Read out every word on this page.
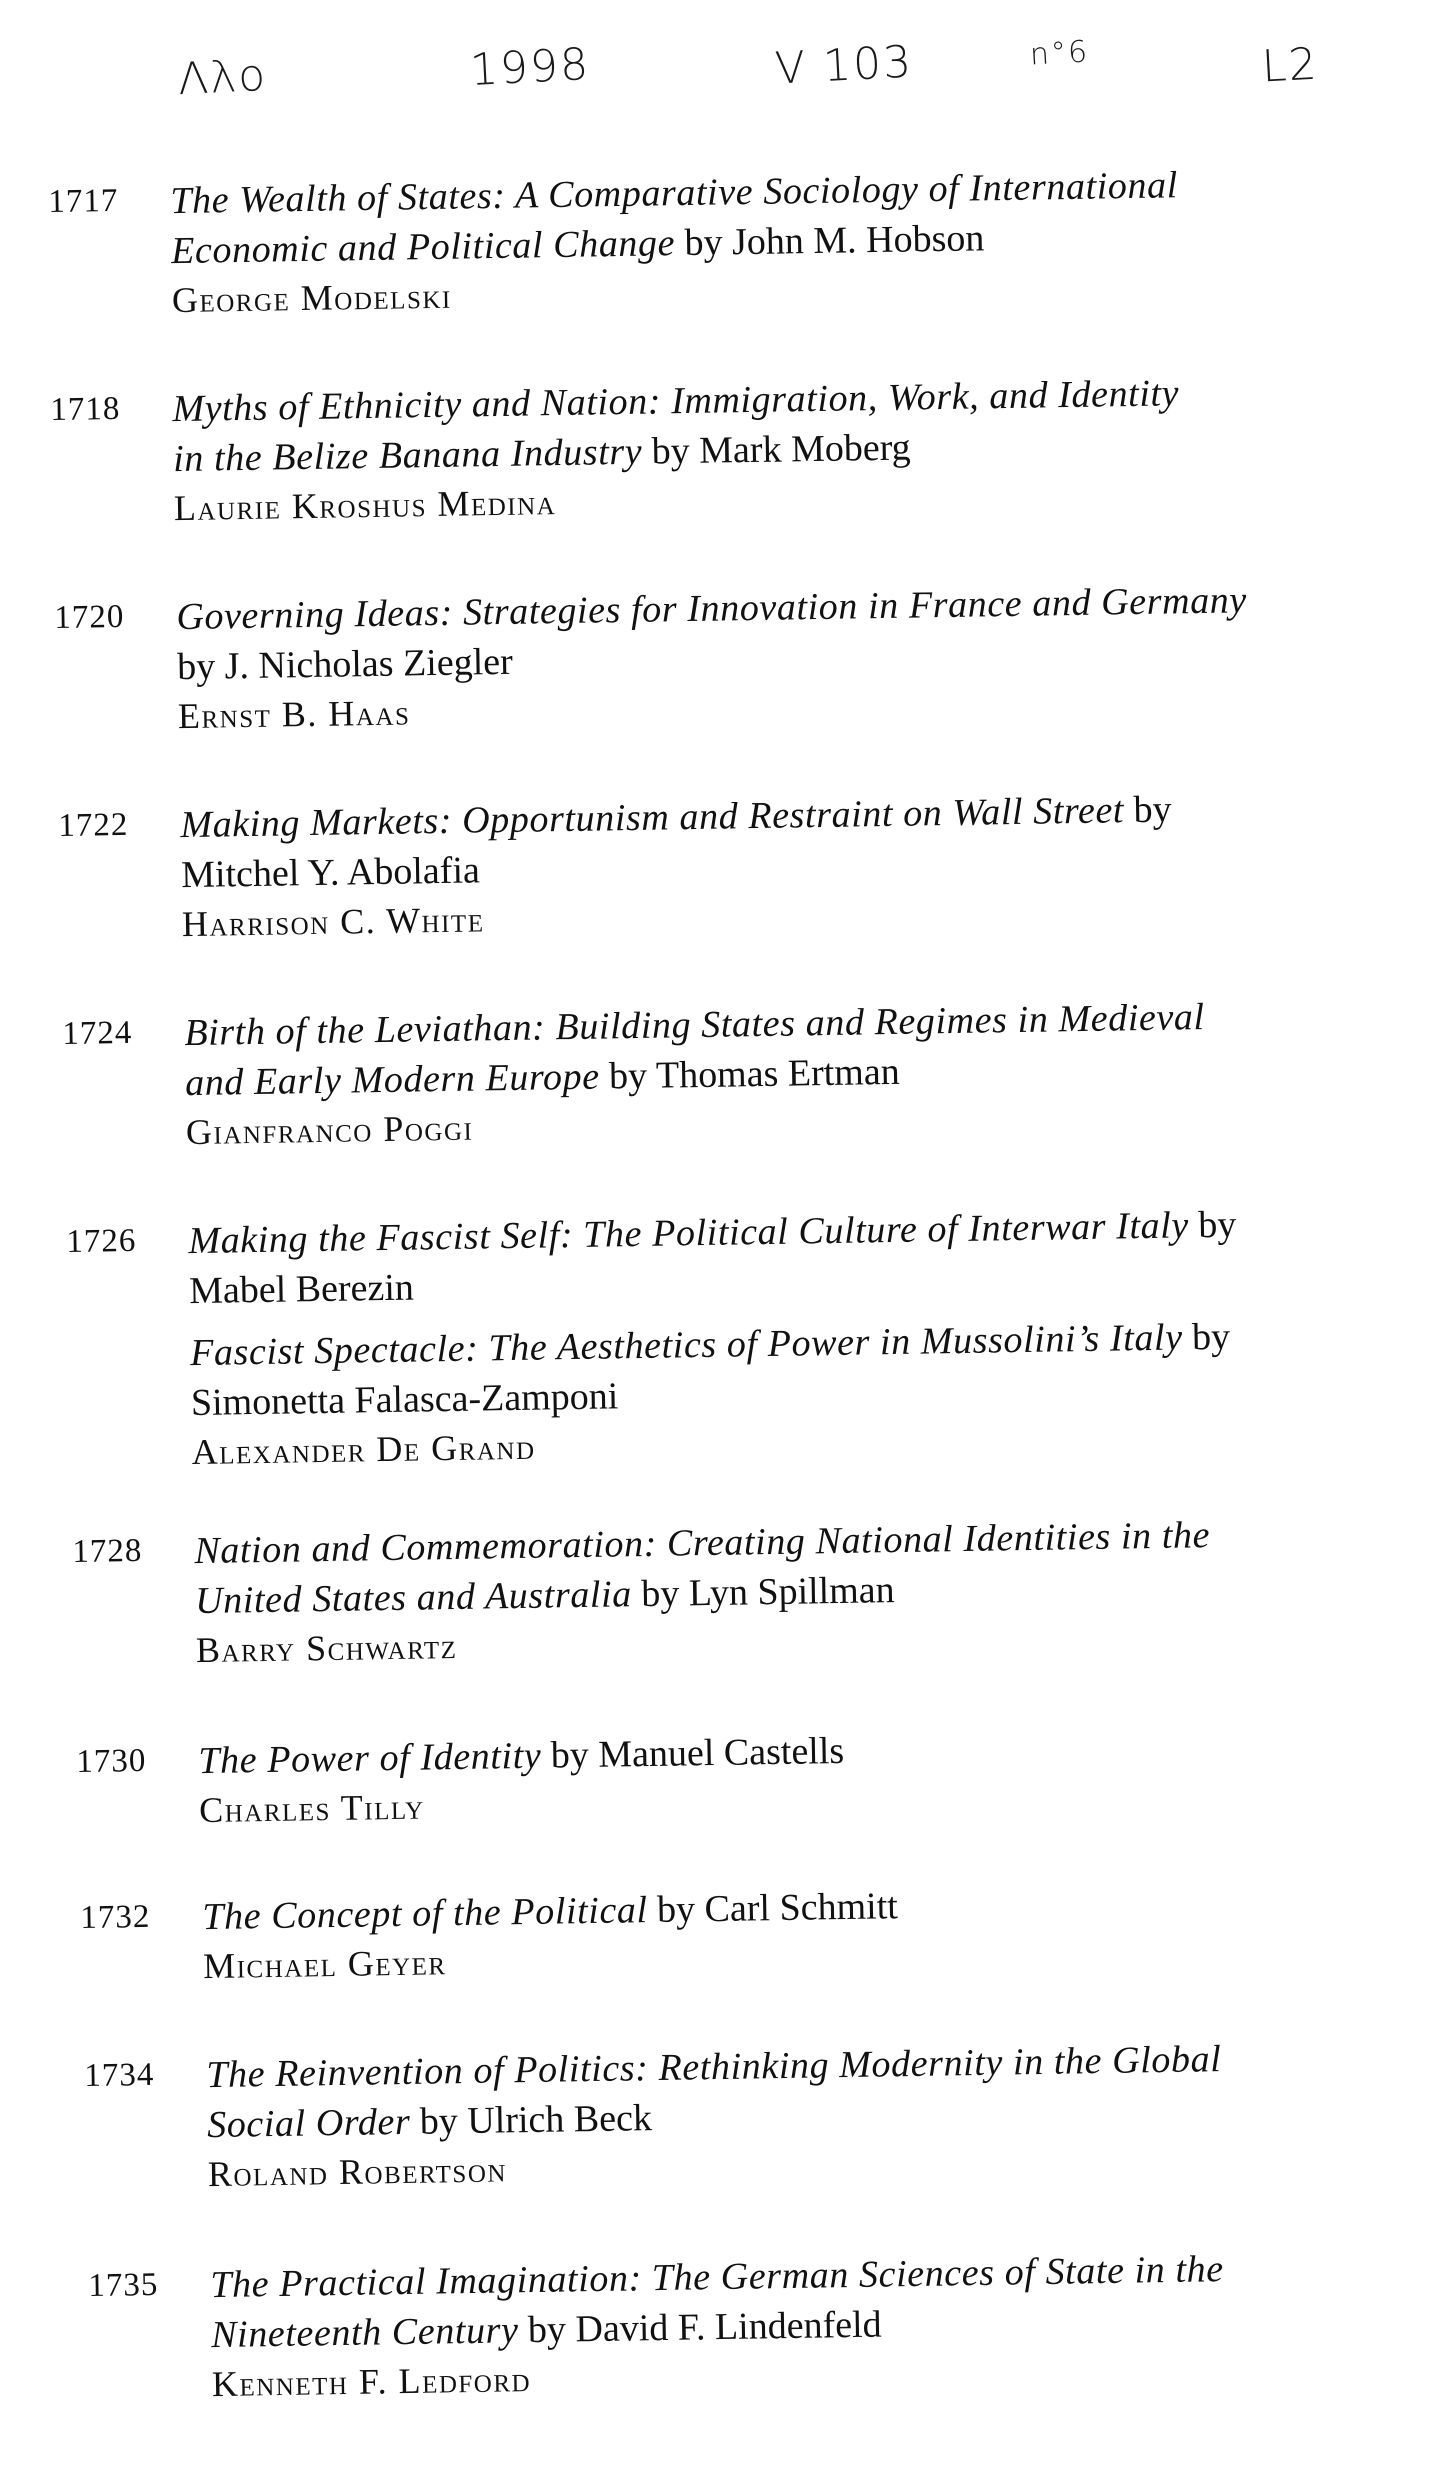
Λλo	1998	V 103	n°6	L2
1717 The Wealth of States: A Comparative Sociology of International
Economic and Political Change by John M. Hobson
George Modelski
1718 Myths of Ethnicity and Nation: Immigration, Work, and Identity
in the Belize Banana Industry by Mark Moberg
Laurie Kroshus Medina
1720 Governing Ideas: Strategies for Innovation in France and Germany
by J. Nicholas Ziegler
Ernst B. Haas
1722 Making Markets: Opportunism and Restraint on Wall Street by
Mitchel Y. Abolafia
Harrison C. White
1724 Birth of the Leviathan: Building States and Regimes in Medieval
and Early Modern Europe by Thomas Ertman
Gianfranco Poggi
1726 Making the Fascist Self: The Political Culture of Interwar Italy by
Mabel Berezin
Fascist Spectacle: The Aesthetics of Power in Mussolini’s Italy by
Simonetta Falasca-Zamponi
Alexander De Grand
1728 Nation and Commemoration: Creating National Identities in the
United States and Australia by Lyn Spillman
Barry Schwartz
1730 The Power of Identity by Manuel Castells
Charles Tilly
1732 The Concept of the Political by Carl Schmitt
Michael Geyer
1734 The Reinvention of Politics: Rethinking Modernity in the Global
Social Order by Ulrich Beck
Roland Robertson
1735 The Practical Imagination: The German Sciences of State in the
Nineteenth Century by David F. Lindenfeld
Kenneth F. Ledford
